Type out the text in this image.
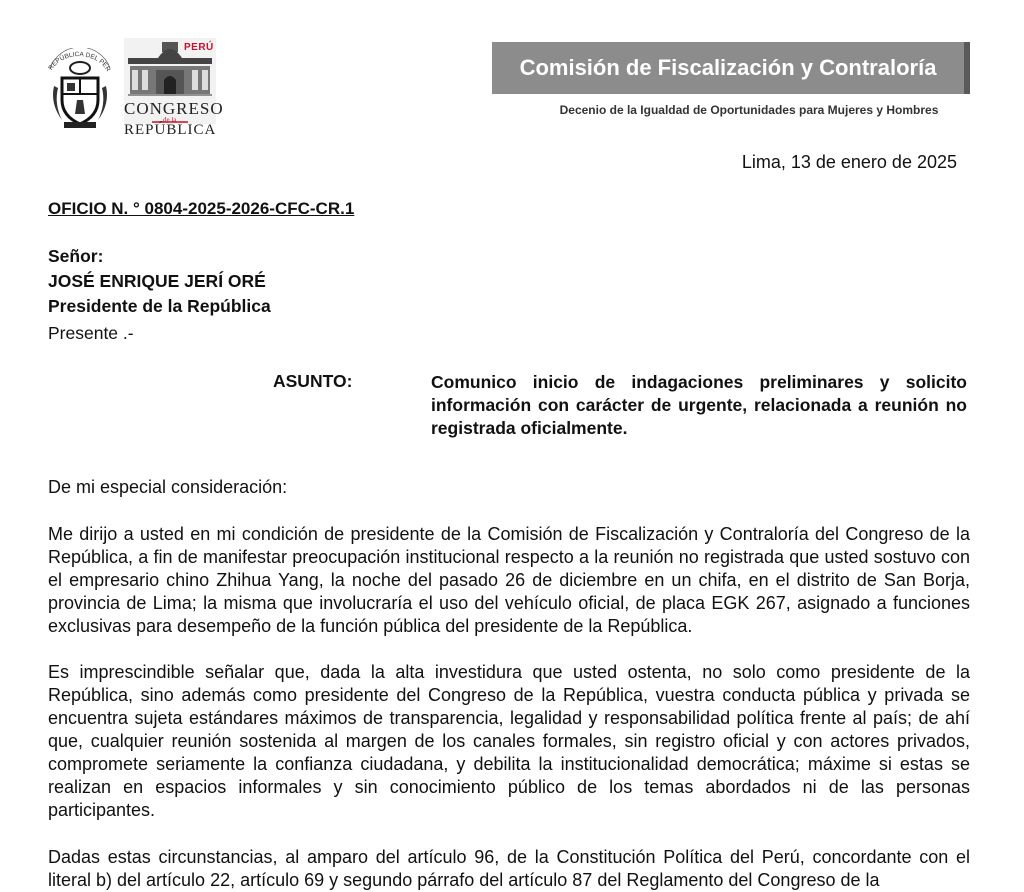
REPÚBLICA DEL PER
PERÚ
CONGRESO
de la
REPÚBLICA
Comisión de Fiscalización y Contraloría
Decenio de la Igualdad de Oportunidades para Mujeres y Hombres
Lima, 13 de enero de 2025
OFICIO N. ° 0804-2025-2026-CFC-CR.1
Señor:
JOSÉ ENRIQUE JERÍ ORÉ
Presidente de la República
Presente .-
ASUNTO:	Comunico inicio de indagaciones preliminares y solicito información con carácter de urgente, relacionada a reunión no registrada oficialmente.
De mi especial consideración:
Me dirijo a usted en mi condición de presidente de la Comisión de Fiscalización y Contraloría del Congreso de la República, a fin de manifestar preocupación institucional respecto a la reunión no registrada que usted sostuvo con el empresario chino Zhihua Yang, la noche del pasado 26 de diciembre en un chifa, en el distrito de San Borja, provincia de Lima; la misma que involucraría el uso del vehículo oficial, de placa EGK 267, asignado a funciones exclusivas para desempeño de la función pública del presidente de la República.
Es imprescindible señalar que, dada la alta investidura que usted ostenta, no solo como presidente de la República, sino además como presidente del Congreso de la República, vuestra conducta pública y privada se encuentra sujeta estándares máximos de transparencia, legalidad y responsabilidad política frente al país; de ahí que, cualquier reunión sostenida al margen de los canales formales, sin registro oficial y con actores privados, compromete seriamente la confianza ciudadana, y debilita la institucionalidad democrática; máxime si estas se realizan en espacios informales y sin conocimiento público de los temas abordados ni de las personas participantes.
Dadas estas circunstancias, al amparo del artículo 96, de la Constitución Política del Perú, concordante con el literal b) del artículo 22, artículo 69 y segundo párrafo del artículo 87 del Reglamento del Congreso de la
